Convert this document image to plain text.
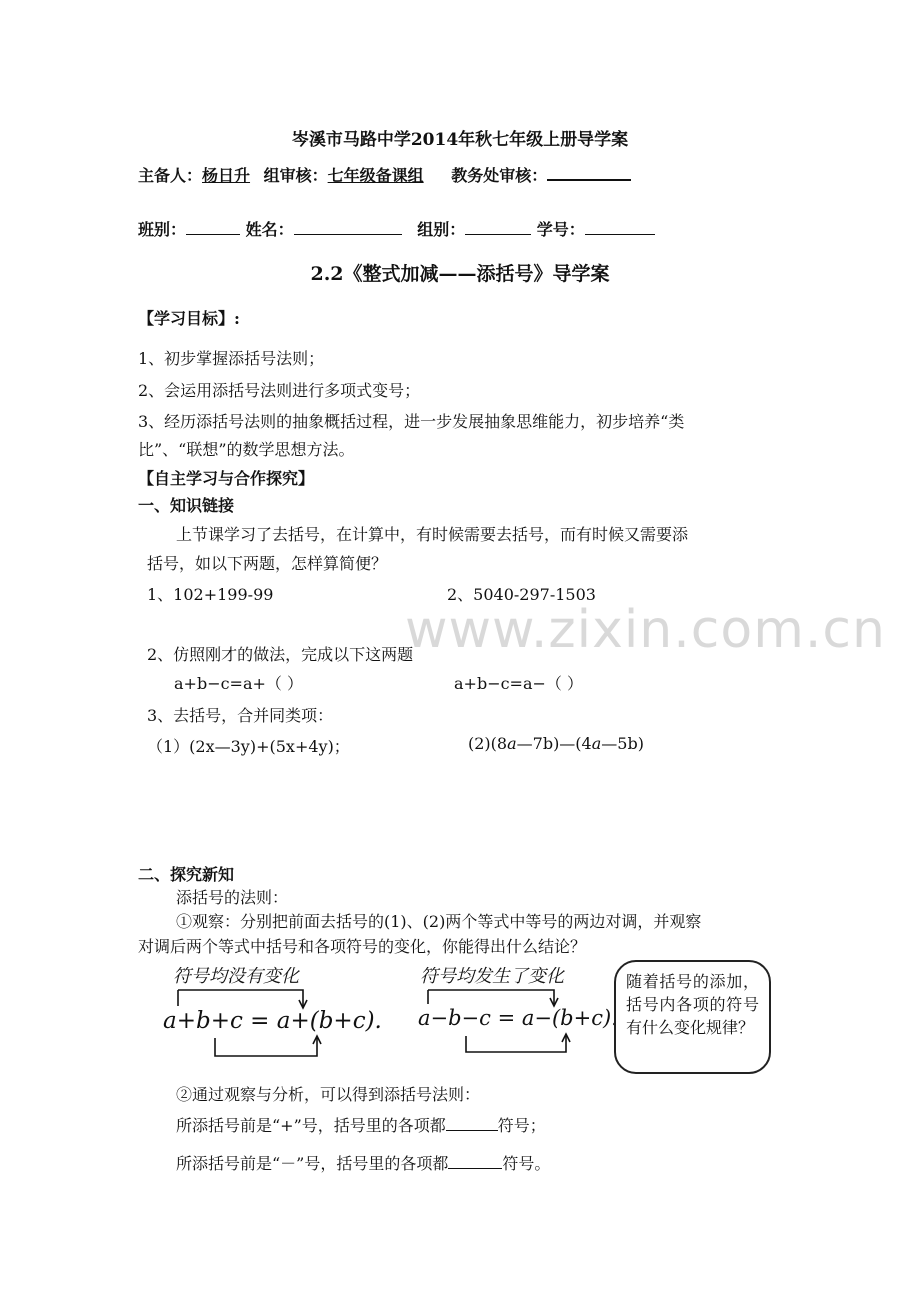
www.zixin.com.cn
岑溪市马路中学2014年秋七年级上册导学案
主备人：杨日升 组审核：七年级备课组 教务处审核：
班别：	姓名：	组别：	学号：
2.2《整式加减——添括号》导学案
【学习目标】:
1、初步掌握添括号法则；
2、会运用添括号法则进行多项式变号；
3、经历添括号法则的抽象概括过程，进一步发展抽象思维能力，初步培养“类
比”、“联想”的数学思想方法。
【自主学习与合作探究】
一、知识链接
上节课学习了去括号，在计算中，有时候需要去括号，而有时候又需要添
括号，如以下两题，怎样算简便？
1、102+199-99	2、5040-297-1503
2、仿照刚才的做法，完成以下这两题
a+b−c=a+（ ）	a+b−c=a−（ ）
3、去括号，合并同类项：
（1）(2x—3y)+(5x+4y)；	(2)(8a—7b)—(4a—5b)
二、探究新知
添括号的法则：
①观察：分别把前面去括号的(1)、(2)两个等式中等号的两边对调，并观察
对调后两个等式中括号和各项符号的变化，你能得出什么结论？
符号均没有变化
a+b+c = a+(b+c).
符号均发生了变化
a−b−c = a−(b+c).
随着括号的添加，括号内各项的符号有什么变化规律？
②通过观察与分析，可以得到添括号法则：
所添括号前是“+”号，括号里的各项都	符号；
所添括号前是“－”号，括号里的各项都	符号。
